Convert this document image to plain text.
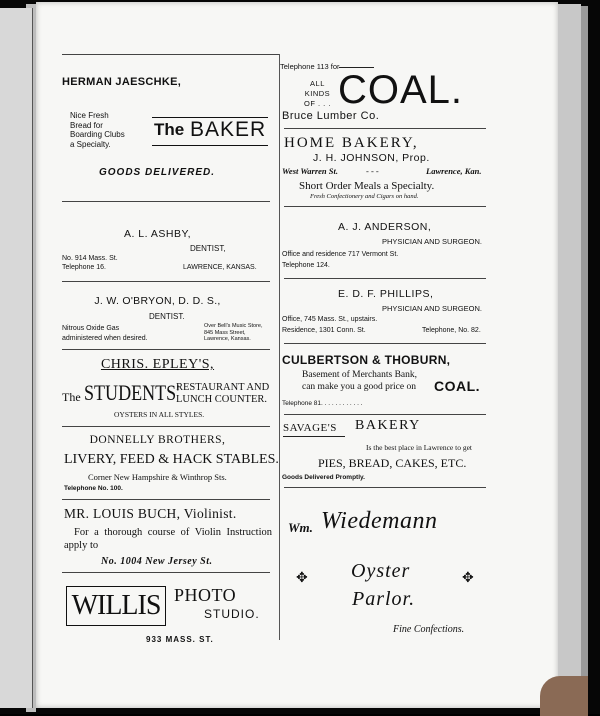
HERMAN JAESCHKE,
Nice Fresh
Bread for
Boarding Clubs
a Specialty.
The BAKER
GOODS DELIVERED.
A. L. ASHBY,
DENTIST,
No. 914 Mass. St.
Telephone 16.	LAWRENCE, KANSAS.
J. W. O'BRYON, D. D. S.,
DENTIST.
Nitrous Oxide Gas
administered when desired.
Over Bell's Music Store,
845 Mass Street,
Lawrence, Kansas.
CHRIS. EPLEY'S,
The STUDENTS'
RESTAURANT AND
LUNCH COUNTER.
OYSTERS IN ALL STYLES.
DONNELLY BROTHERS,
LIVERY, FEED & HACK STABLES.
Corner New Hampshire & Winthrop Sts.
Telephone No. 100.
MR. LOUIS BUCH, Violinist.
For a thorough course of Violin Instruction apply to
No. 1004 New Jersey St.
WILLIS PHOTO
STUDIO.
933 MASS. ST.
Telephone 113 for
ALL
KINDS
OF . . . COAL.
Bruce Lumber Co.
HOME BAKERY,
J. H. JOHNSON, Prop.
West Warren St.	- - -	Lawrence, Kan.
Short Order Meals a Specialty.
Fresh Confectionery and Cigars on hand.
A. J. ANDERSON,
PHYSICIAN AND SURGEON.
Office and residence 717 Vermont St.
Telephone 124.
E. D. F. PHILLIPS,
PHYSICIAN AND SURGEON.
Office, 745 Mass. St., upstairs.
Residence, 1301 Conn. St.	Telephone, No. 82.
CULBERTSON & THOBURN,
Basement of Merchants Bank,
can make you a good price on COAL.
Telephone 81. . . . . . . . . . . .
SAVAGE'S BAKERY
Is the best place in Lawrence to get
PIES, BREAD, CAKES, ETC.
Goods Delivered Promptly.
Wm. Wiedemann
✥	✥
Oyster
Parlor.
Fine Confections.
